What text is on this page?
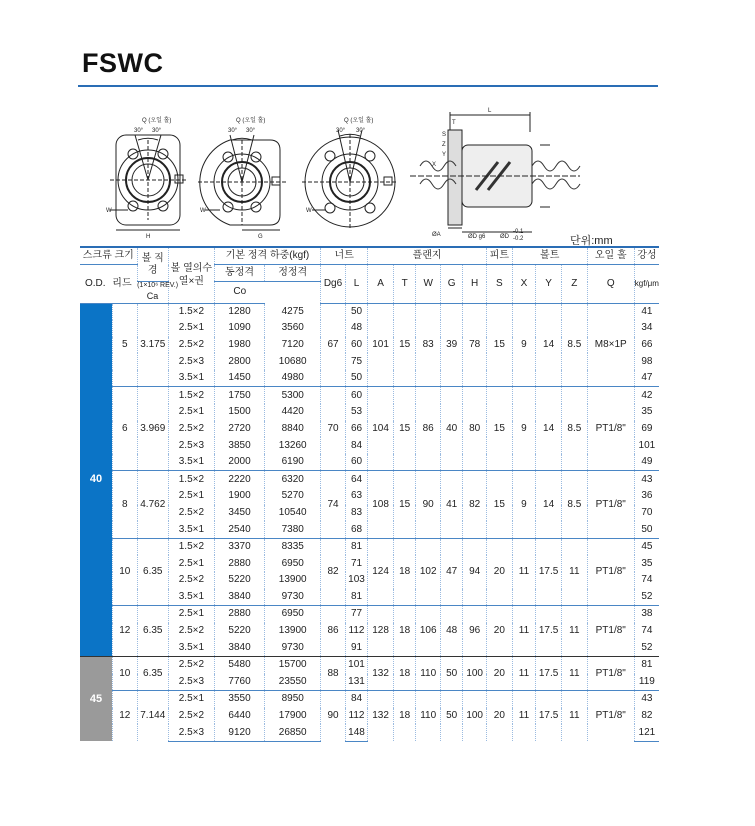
FSWC
Q (오일 홀)
30° 30°
W
H
Q (오일 홀)
30° 30°
W
G
Q (오일 홀)
30° 30°
W
L
T
S
Z
Y
X
ØA	ØD g6 ØD
-0.1
-0.2	단위:mm
스크류 크기		볼 직경	볼 열의수 열×권	기본 정격 하중(kgf)		너트		플랜지					피트	볼트			오일 홀	강성
O.D. 리드				동정격	정정격	Dg6	L	A	T	W	G	H	S	X	Y	Z	Q	kgf/μm
		(1×10⁶ REV.)
Ca		Co														
40	5	3.175	1.5×2	1280	4275	67	50	101	15	83	39	78	15	9	14	8.5	M8×1P	41
			2.5×1	1090	3560		48											34
			2.5×2	1980	7120		60											66
			2.5×3	2800	10680		75											98
			3.5×1	1450	4980		50											47
	6	3.969	1.5×2	1750	5300	70	60	104	15	86	40	80	15	9	14	8.5	PT1/8"	42
			2.5×1	1500	4420		53											35
			2.5×2	2720	8840		66											69
			2.5×3	3850	13260		84											101
			3.5×1	2000	6190		60											49
	8	4.762	1.5×2	2220	6320	74	64	108	15	90	41	82	15	9	14	8.5	PT1/8"	43
			2.5×1	1900	5270		63											36
			2.5×2	3450	10540		83											70
			3.5×1	2540	7380		68											50
	10	6.35	1.5×2	3370	8335	82	81	124	18	102	47	94	20	11	17.5	11	PT1/8"	45
			2.5×1	2880	6950		71											35
			2.5×2	5220	13900		103											74
			3.5×1	3840	9730		81											52
	12	6.35	2.5×1	2880	6950	86	77	128	18	106	48	96	20	11	17.5	11	PT1/8"	38
			2.5×2	5220	13900		112											74
			3.5×1	3840	9730		91											52
45	10	6.35	2.5×2	5480	15700	88	101	132	18	110	50	100	20	11	17.5	11	PT1/8"	81
			2.5×3	7760	23550		131											119
	12	7.144	2.5×1	3550	8950	90	84	132	18	110	50	100	20	11	17.5	11	PT1/8"	43
			2.5×2	6440	17900		112											82
			2.5×3	9120	26850		148											121
